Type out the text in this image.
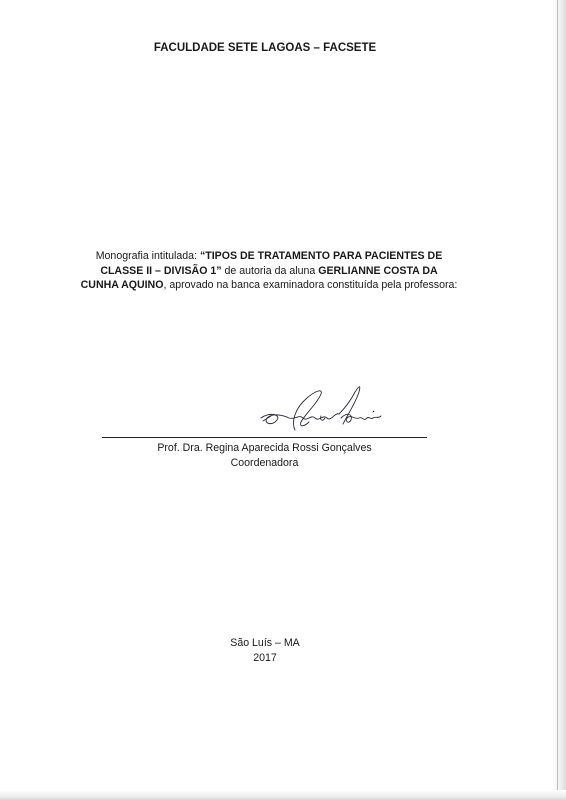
FACULDADE SETE LAGOAS – FACSETE
Monografia intitulada: “TIPOS DE TRATAMENTO PARA PACIENTES DE CLASSE II – DIVISÃO 1” de autoria da aluna GERLIANNE COSTA DA CUNHA AQUINO, aprovado na banca examinadora constituída pela professora:
Prof. Dra. Regina Aparecida Rossi Gonçalves
Coordenadora
São Luís – MA
2017
